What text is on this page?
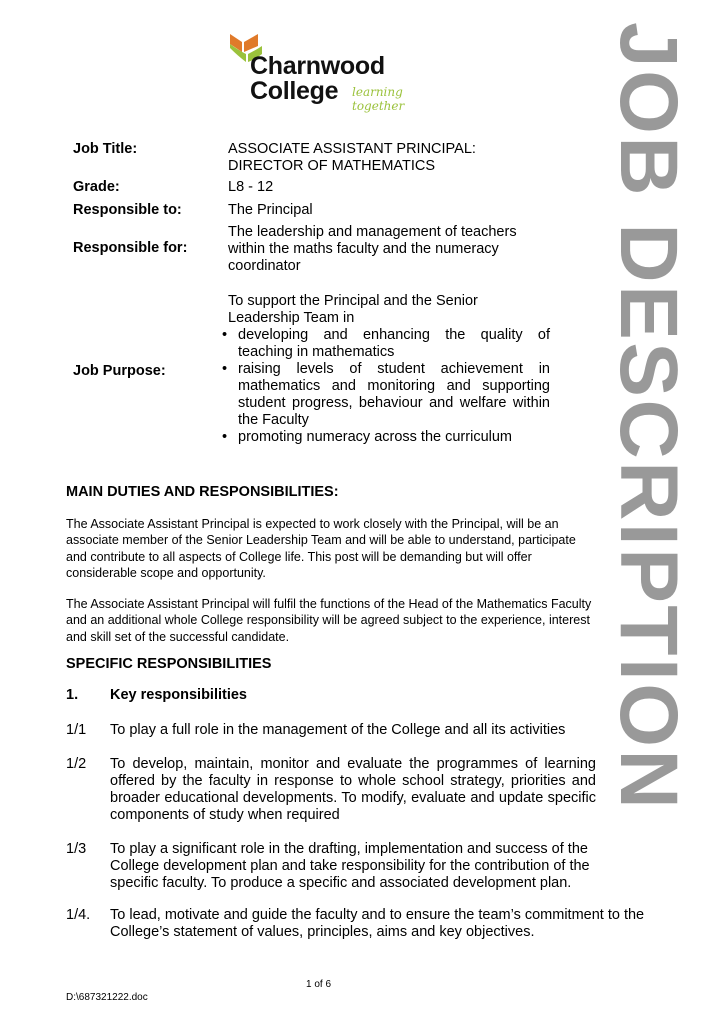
Charnwood
College	learning together	JOB DESCRIPTION
Job Title:	ASSOCIATE ASSISTANT PRINCIPAL:
DIRECTOR OF MATHEMATICS
Grade:	L8 - 12
Responsible to:	The Principal
Responsible for:
The leadership and management of teachers within the maths faculty and the numeracy coordinator
Job Purpose:
To support the Principal and the Senior Leadership Team in
• developing and enhancing the quality of teaching in mathematics
• raising levels of student achievement in mathematics and monitoring and supporting student progress, behaviour and welfare within the Faculty
• promoting numeracy across the curriculum
MAIN DUTIES AND RESPONSIBILITIES:
The Associate Assistant Principal is expected to work closely with the Principal, will be an associate member of the Senior Leadership Team and will be able to understand, participate and contribute to all aspects of College life. This post will be demanding but will offer considerable scope and opportunity.
The Associate Assistant Principal will fulfil the functions of the Head of the Mathematics Faculty and an additional whole College responsibility will be agreed subject to the experience, interest and skill set of the successful candidate.
SPECIFIC RESPONSIBILITIES
1. Key responsibilities
1/1 To play a full role in the management of the College and all its activities
1/2 To develop, maintain, monitor and evaluate the programmes of learning offered by the faculty in response to whole school strategy, priorities and broader educational developments. To modify, evaluate and update specific components of study when required
1/3 To play a significant role in the drafting, implementation and success of the College development plan and take responsibility for the contribution of the specific faculty. To produce a specific and associated development plan.
1/4. To lead, motivate and guide the faculty and to ensure the team’s commitment to the College’s statement of values, principles, aims and key objectives.
1 of 6
D:\687321222.doc
